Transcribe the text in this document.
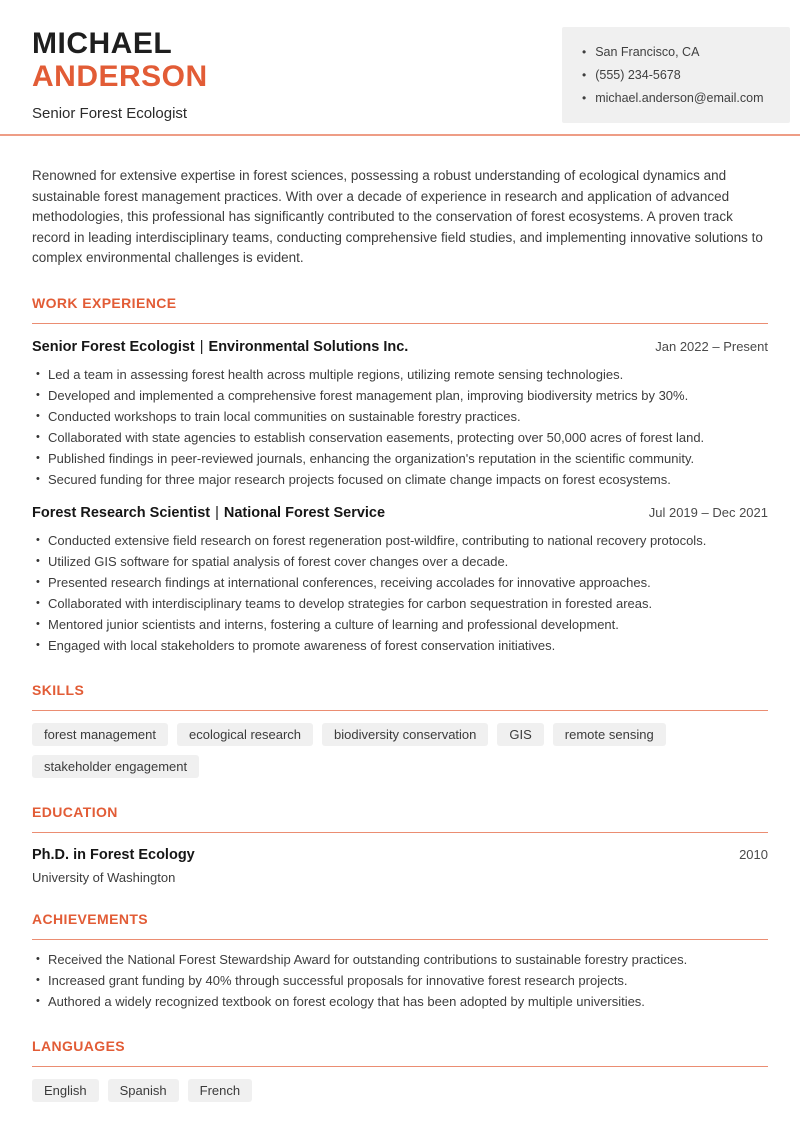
MICHAEL
ANDERSON
Senior Forest Ecologist
• San Francisco, CA
• (555) 234-5678
• michael.anderson@email.com

Renowned for extensive expertise in forest sciences, possessing a robust understanding of ecological dynamics and sustainable forest management practices. With over a decade of experience in research and application of advanced methodologies, this professional has significantly contributed to the conservation of forest ecosystems. A proven track record in leading interdisciplinary teams, conducting comprehensive field studies, and implementing innovative solutions to complex environmental challenges is evident.

WORK EXPERIENCE
Senior Forest Ecologist | Environmental Solutions Inc.	Jan 2022 – Present
• Led a team in assessing forest health across multiple regions, utilizing remote sensing technologies.
• Developed and implemented a comprehensive forest management plan, improving biodiversity metrics by 30%.
• Conducted workshops to train local communities on sustainable forestry practices.
• Collaborated with state agencies to establish conservation easements, protecting over 50,000 acres of forest land.
• Published findings in peer-reviewed journals, enhancing the organization's reputation in the scientific community.
• Secured funding for three major research projects focused on climate change impacts on forest ecosystems.
Forest Research Scientist | National Forest Service	Jul 2019 – Dec 2021
• Conducted extensive field research on forest regeneration post-wildfire, contributing to national recovery protocols.
• Utilized GIS software for spatial analysis of forest cover changes over a decade.
• Presented research findings at international conferences, receiving accolades for innovative approaches.
• Collaborated with interdisciplinary teams to develop strategies for carbon sequestration in forested areas.
• Mentored junior scientists and interns, fostering a culture of learning and professional development.
• Engaged with local stakeholders to promote awareness of forest conservation initiatives.
SKILLS
forest management	ecological research	biodiversity conservation	GIS	remote sensing
stakeholder engagement
EDUCATION
Ph.D. in Forest Ecology	2010
University of Washington
ACHIEVEMENTS
• Received the National Forest Stewardship Award for outstanding contributions to sustainable forestry practices.
• Increased grant funding by 40% through successful proposals for innovative forest research projects.
• Authored a widely recognized textbook on forest ecology that has been adopted by multiple universities.
LANGUAGES
English	Spanish	French
